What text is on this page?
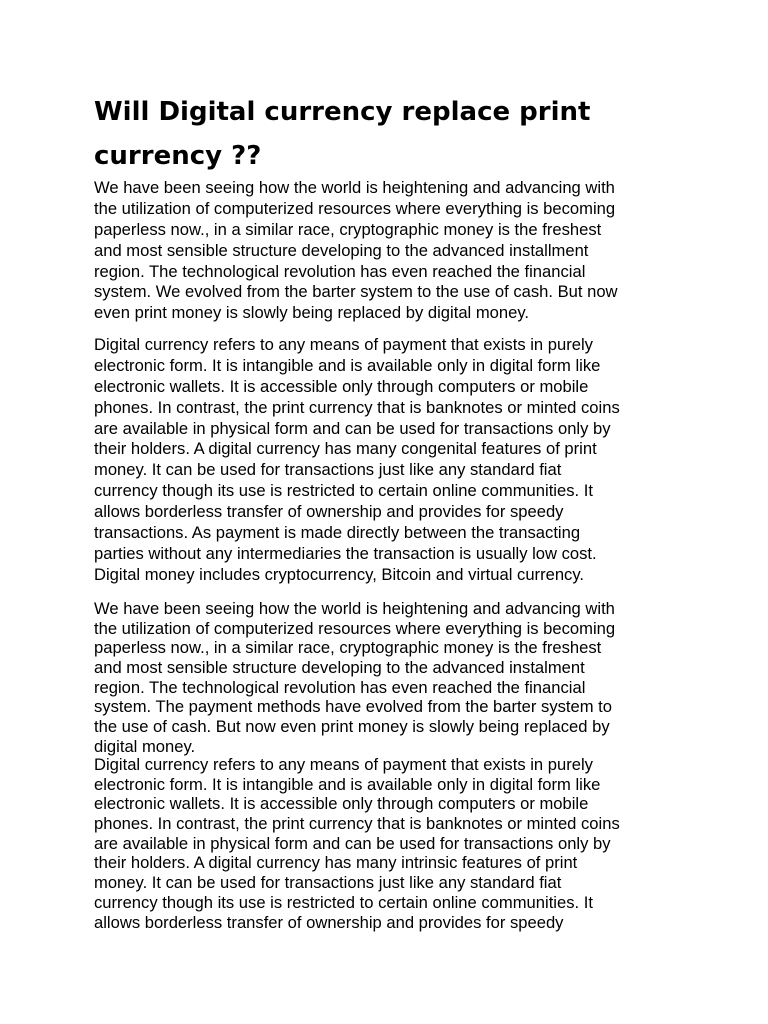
Will Digital currency replace print
currency ??

We have been seeing how the world is heightening and advancing with
the utilization of computerized resources where everything is becoming
paperless now., in a similar race, cryptographic money is the freshest
and most sensible structure developing to the advanced installment
region. The technological revolution has even reached the financial
system. We evolved from the barter system to the use of cash. But now
even print money is slowly being replaced by digital money.

Digital currency refers to any means of payment that exists in purely
electronic form. It is intangible and is available only in digital form like
electronic wallets. It is accessible only through computers or mobile
phones. In contrast, the print currency that is banknotes or minted coins
are available in physical form and can be used for transactions only by
their holders. A digital currency has many congenital features of print
money. It can be used for transactions just like any standard fiat
currency though its use is restricted to certain online communities. It
allows borderless transfer of ownership and provides for speedy
transactions. As payment is made directly between the transacting
parties without any intermediaries the transaction is usually low cost.
Digital money includes cryptocurrency, Bitcoin and virtual currency.

We have been seeing how the world is heightening and advancing with
the utilization of computerized resources where everything is becoming
paperless now., in a similar race, cryptographic money is the freshest
and most sensible structure developing to the advanced instalment
region. The technological revolution has even reached the financial
system. The payment methods have evolved from the barter system to
the use of cash. But now even print money is slowly being replaced by
digital money.

Digital currency refers to any means of payment that exists in purely
electronic form. It is intangible and is available only in digital form like
electronic wallets. It is accessible only through computers or mobile
phones. In contrast, the print currency that is banknotes or minted coins
are available in physical form and can be used for transactions only by
their holders. A digital currency has many intrinsic features of print
money. It can be used for transactions just like any standard fiat
currency though its use is restricted to certain online communities. It
allows borderless transfer of ownership and provides for speedy
